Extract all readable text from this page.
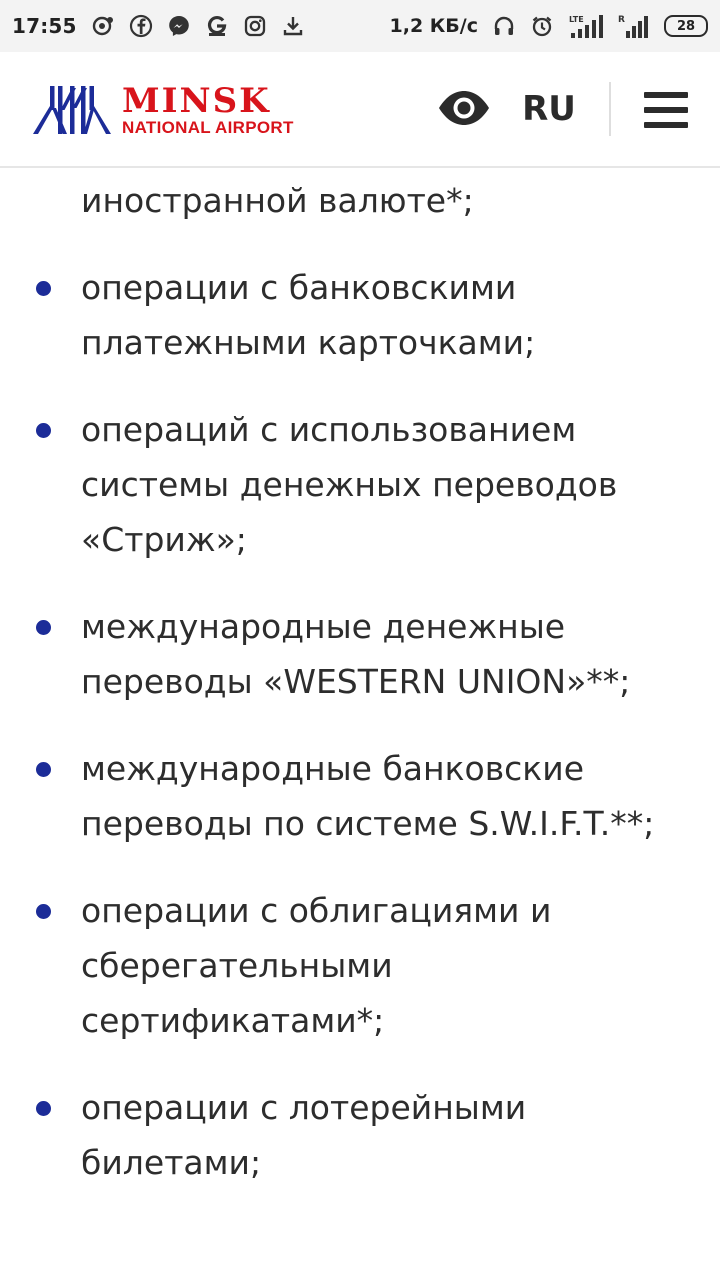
17:55	1,2 КБ/с	LTE	R	28
MINSK
NATIONAL AIRPORT	RU
иностранной валюте*;
операции с банковскими платежными карточками;
операций с использованием системы денежных переводов «Стриж»;
международные денежные переводы «WESTERN UNION»**;
международные банковские переводы по системе S.W.I.F.T.**;
операции с облигациями и сберегательными сертификатами*;
операции с лотерейными билетами;
